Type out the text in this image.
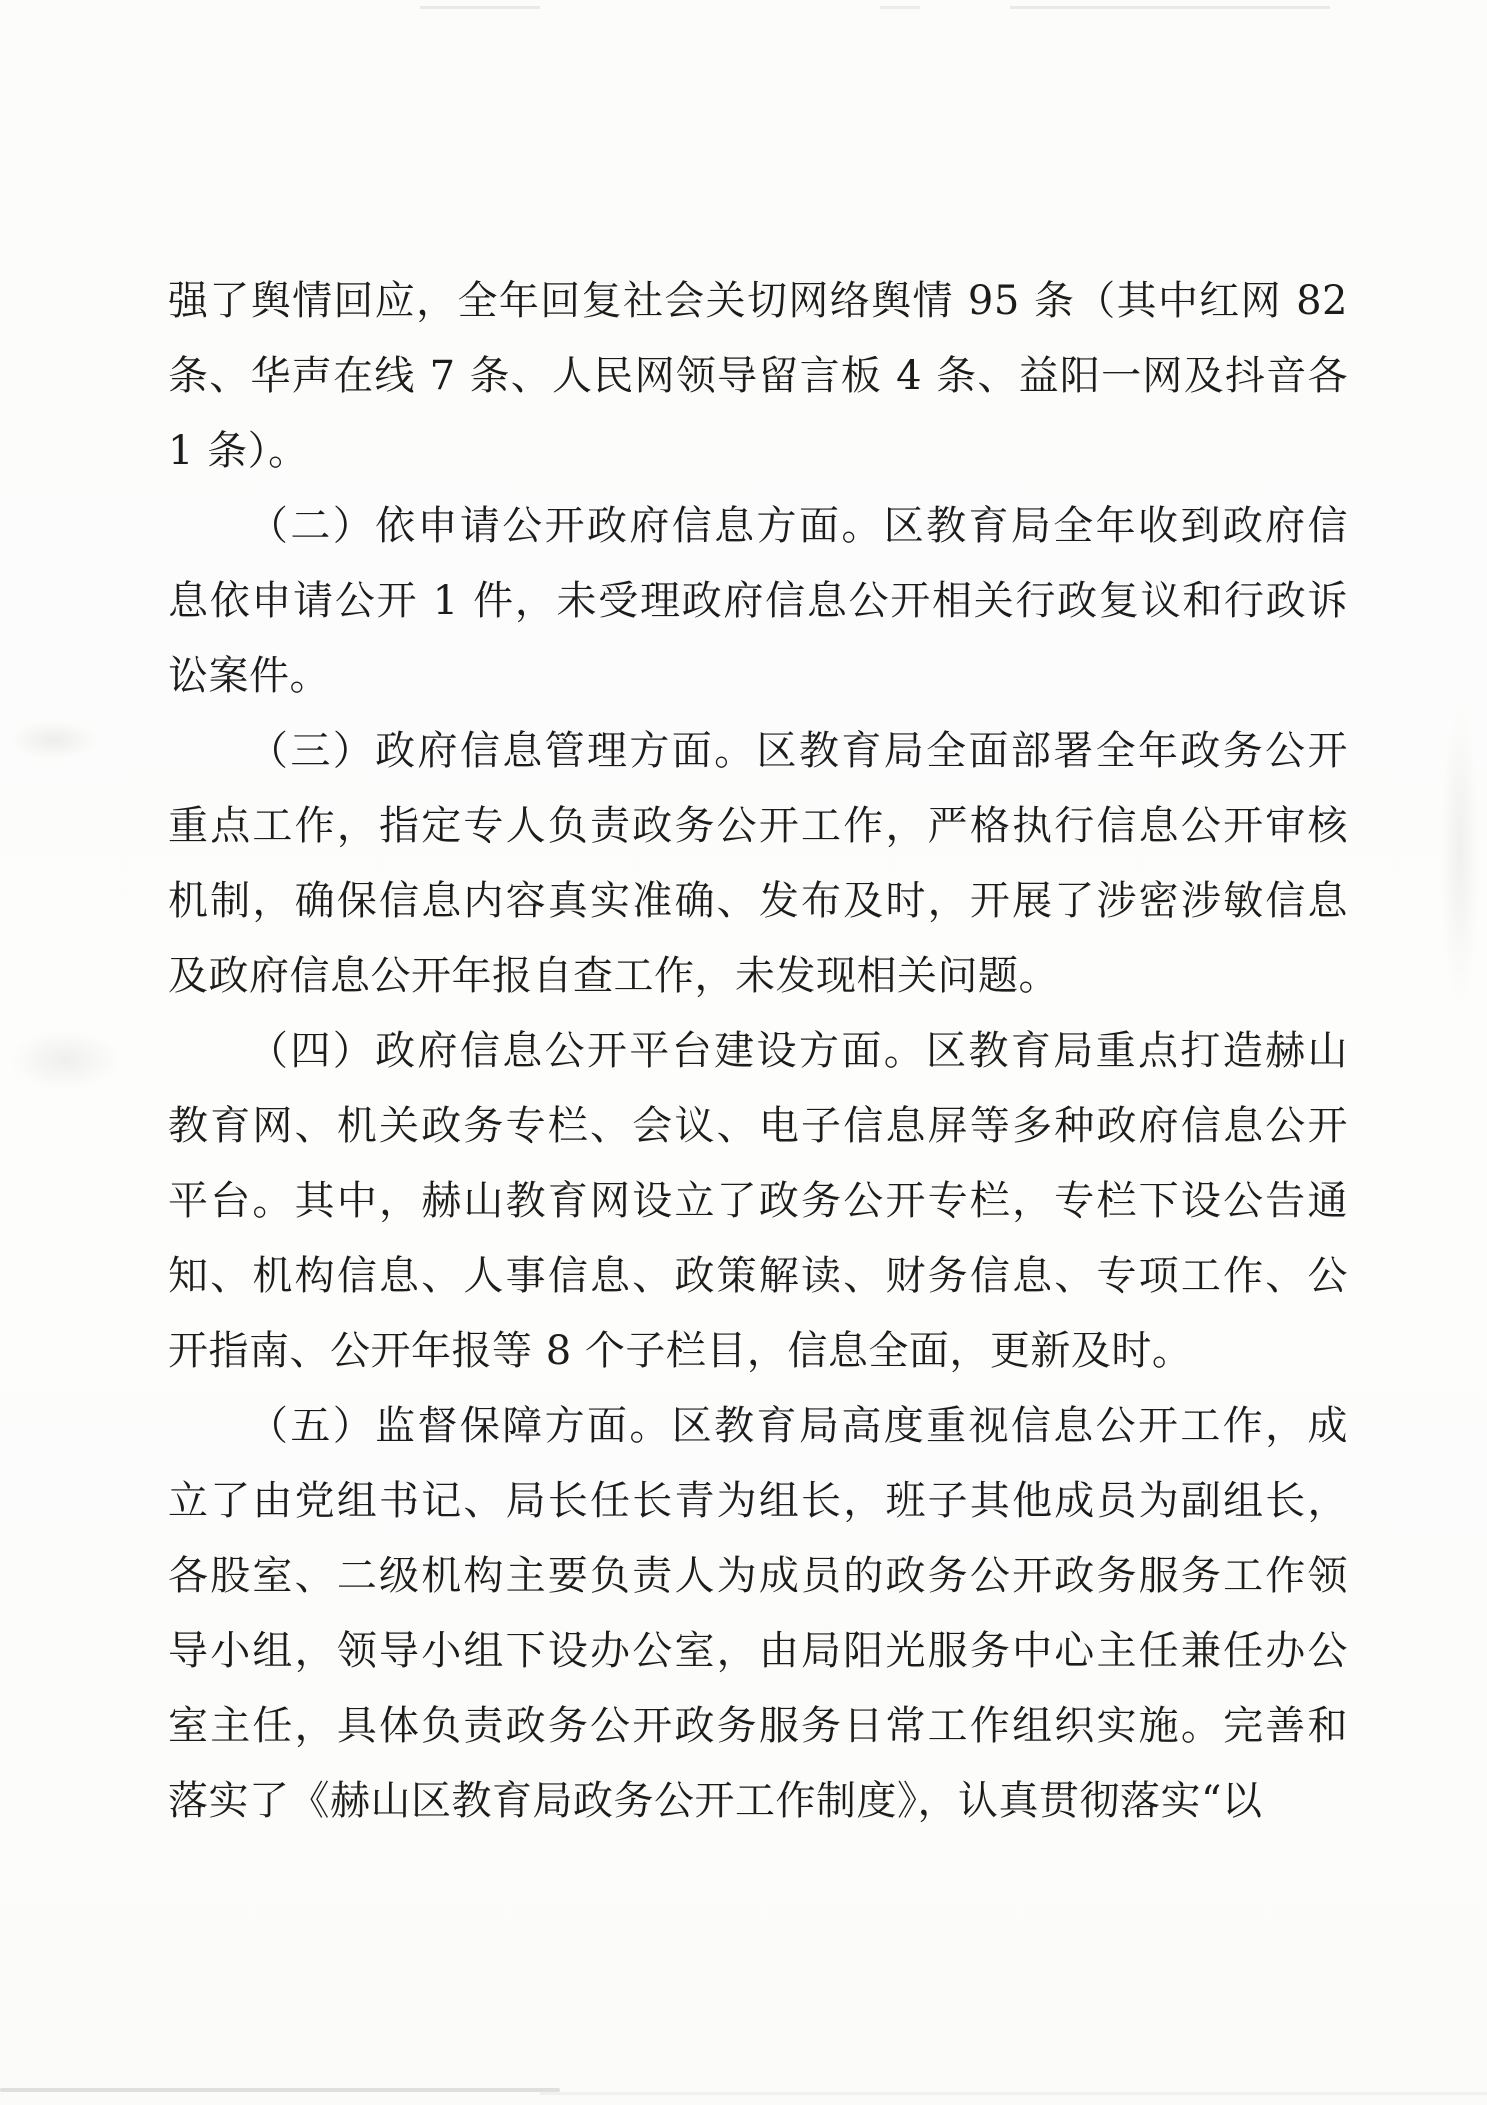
强了舆情回应，全年回复社会关切网络舆情 95 条（其中红网 82
条、华声在线 7 条、人民网领导留言板 4 条、益阳一网及抖音各
1 条）。
（二）依申请公开政府信息方面。区教育局全年收到政府信
息依申请公开 1 件，未受理政府信息公开相关行政复议和行政诉
讼案件。
（三）政府信息管理方面。区教育局全面部署全年政务公开
重点工作，指定专人负责政务公开工作，严格执行信息公开审核
机制，确保信息内容真实准确、发布及时，开展了涉密涉敏信息
及政府信息公开年报自查工作，未发现相关问题。
（四）政府信息公开平台建设方面。区教育局重点打造赫山
教育网、机关政务专栏、会议、电子信息屏等多种政府信息公开
平台。其中，赫山教育网设立了政务公开专栏，专栏下设公告通
知、机构信息、人事信息、政策解读、财务信息、专项工作、公
开指南、公开年报等 8 个子栏目，信息全面，更新及时。
（五）监督保障方面。区教育局高度重视信息公开工作，成
立了由党组书记、局长任长青为组长，班子其他成员为副组长，
各股室、二级机构主要负责人为成员的政务公开政务服务工作领
导小组，领导小组下设办公室，由局阳光服务中心主任兼任办公
室主任，具体负责政务公开政务服务日常工作组织实施。完善和
落实了《赫山区教育局政务公开工作制度》，认真贯彻落实“以
